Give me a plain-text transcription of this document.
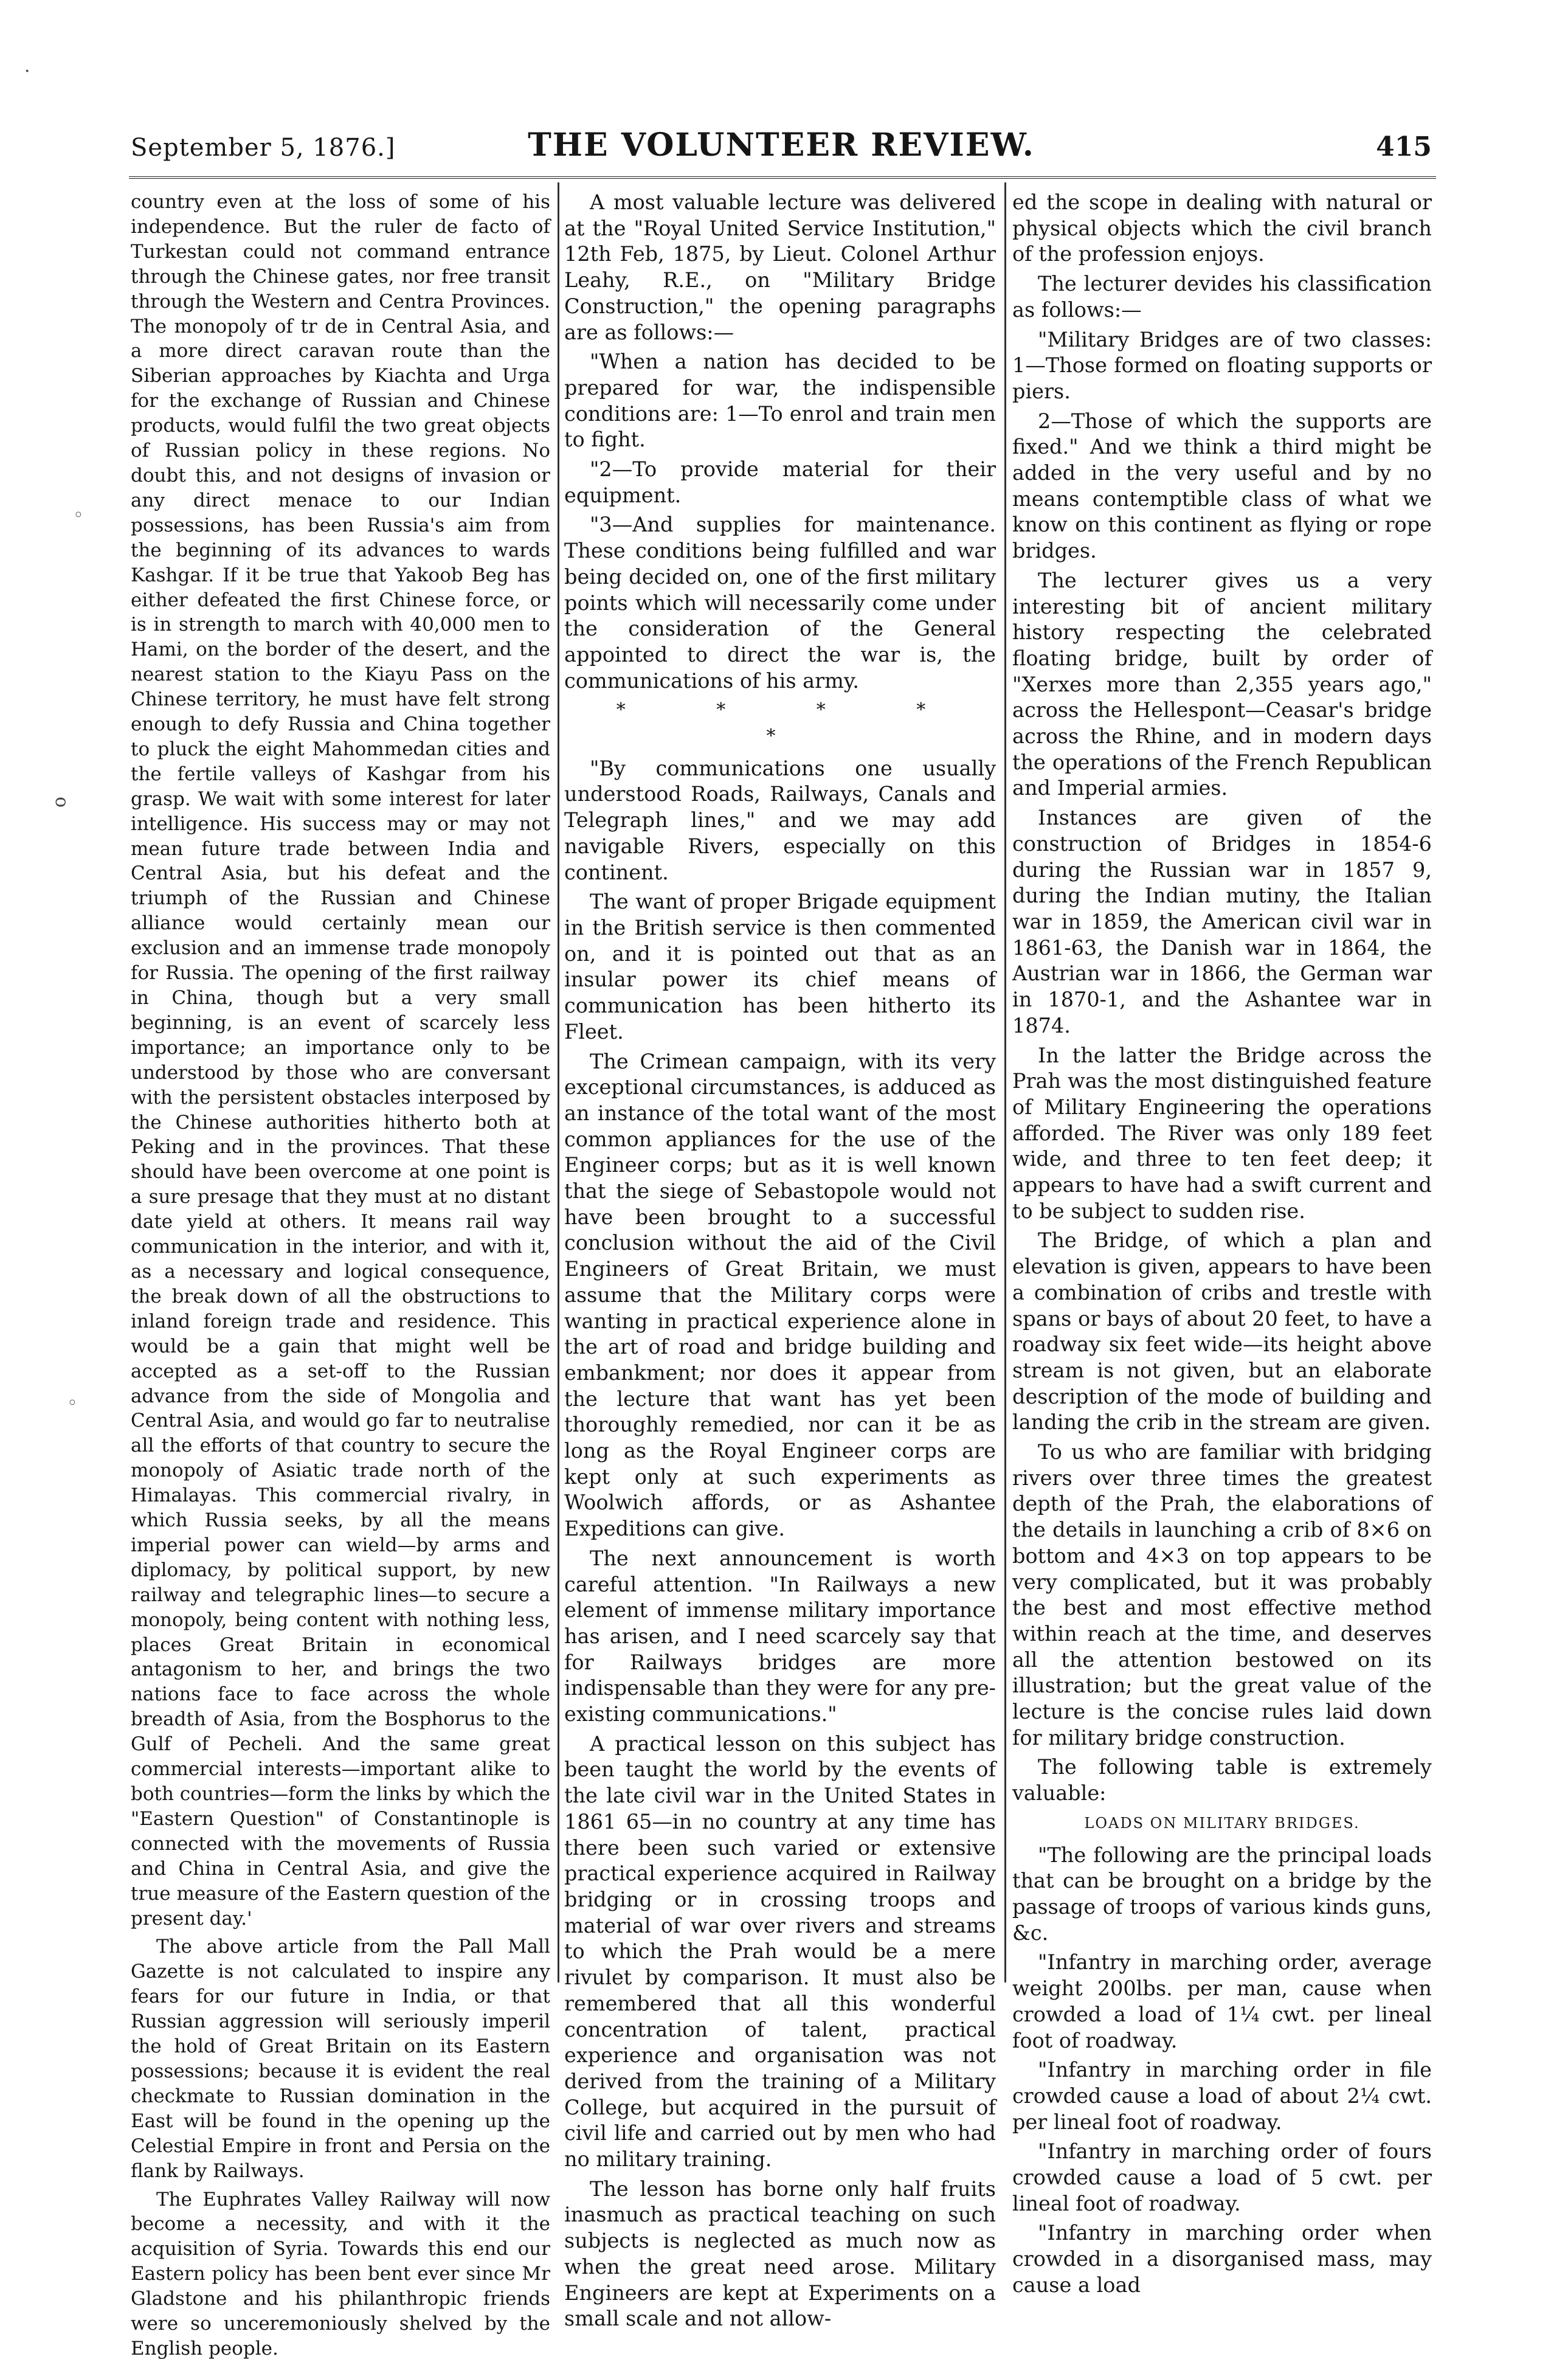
September 5, 1876.]	THE VOLUNTEER REVIEW.	415
·
◦
ᴑ
◦

country even at the loss of some of his independence. But the ruler de facto of Turkestan could not command entrance through the Chinese gates, nor free transit through the Western and Centra Provinces. The monopoly of tr de in Central Asia, and a more direct caravan route than the Siberian approaches by Kiachta and Urga for the exchange of Russian and Chinese products, would fulfil the two great objects of Russian policy in these regions. No doubt this, and not designs of invasion or any direct menace to our Indian possessions, has been Russia's aim from the beginning of its advances to wards Kashgar. If it be true that Yakoob Beg has either defeated the first Chinese force, or is in strength to march with 40,000 men to Hami, on the border of the desert, and the nearest station to the Kiayu Pass on the Chinese territory, he must have felt strong enough to defy Russia and China together to pluck the eight Mahommedan cities and the fertile valleys of Kashgar from his grasp. We wait with some interest for later intelligence. His success may or may not mean future trade between India and Central Asia, but his defeat and the triumph of the Russian and Chinese alliance would certainly mean our exclusion and an immense trade monopoly for Russia. The opening of the first railway in China, though but a very small beginning, is an event of scarcely less importance; an importance only to be understood by those who are conversant with the persistent obstacles interposed by the Chinese authorities hitherto both at Peking and in the provinces. That these should have been overcome at one point is a sure presage that they must at no distant date yield at others. It means rail way communication in the interior, and with it, as a necessary and logical consequence, the break down of all the obstructions to inland foreign trade and residence. This would be a gain that might well be accepted as a set-off to the Russian advance from the side of Mongolia and Central Asia, and would go far to neutralise all the efforts of that country to secure the monopoly of Asiatic trade north of the Himalayas. This commercial rivalry, in which Russia seeks, by all the means imperial power can wield—by arms and diplomacy, by political support, by new railway and telegraphic lines—to secure a monopoly, being content with nothing less, places Great Britain in economical antagonism to her, and brings the two nations face to face across the whole breadth of Asia, from the Bosphorus to the Gulf of Pecheli. And the same great commercial interests—important alike to both countries—form the links by which the "Eastern Question" of Constantinople is connected with the movements of Russia and China in Central Asia, and give the true measure of the Eastern question of the present day.'

The above article from the Pall Mall Gazette is not calculated to inspire any fears for our future in India, or that Russian aggression will seriously imperil the hold of Great Britain on its Eastern possessions; because it is evident the real checkmate to Russian domination in the East will be found in the opening up the Celestial Empire in front and Persia on the flank by Railways.

The Euphrates Valley Railway will now become a necessity, and with it the acquisition of Syria. Towards this end our Eastern policy has been bent ever since Mr Gladstone and his philanthropic friends were so unceremoniously shelved by the English people.

A most valuable lecture was delivered at the "Royal United Service Institution," 12th Feb, 1875, by Lieut. Colonel Arthur Leahy, R.E., on "Military Bridge Construction," the opening paragraphs are as follows:—

"When a nation has decided to be prepared for war, the indispensible conditions are: 1—To enrol and train men to fight.

"2—To provide material for their equipment.

"3—And supplies for maintenance. These conditions being fulfilled and war being decided on, one of the first military points which will necessarily come under the consideration of the General appointed to direct the war is, the communications of his army.

* * * * *

"By communications one usually understood Roads, Railways, Canals and Telegraph lines," and we may add navigable Rivers, especially on this continent.

The want of proper Brigade equipment in the British service is then commented on, and it is pointed out that as an insular power its chief means of communication has been hitherto its Fleet.

The Crimean campaign, with its very exceptional circumstances, is adduced as an instance of the total want of the most common appliances for the use of the Engineer corps; but as it is well known that the siege of Sebastopole would not have been brought to a successful conclusion without the aid of the Civil Engineers of Great Britain, we must assume that the Military corps were wanting in practical experience alone in the art of road and bridge building and embankment; nor does it appear from the lecture that want has yet been thoroughly remedied, nor can it be as long as the Royal Engineer corps are kept only at such experiments as Woolwich affords, or as Ashantee Expeditions can give.

The next announcement is worth careful attention. "In Railways a new element of immense military importance has arisen, and I need scarcely say that for Railways bridges are more indispensable than they were for any pre-existing communications."

A practical lesson on this subject has been taught the world by the events of the late civil war in the United States in 1861 65—in no country at any time has there been such varied or extensive practical experience acquired in Railway bridging or in crossing troops and material of war over rivers and streams to which the Prah would be a mere rivulet by comparison. It must also be remembered that all this wonderful concentration of talent, practical experience and organisation was not derived from the training of a Military College, but acquired in the pursuit of civil life and carried out by men who had no military training.

The lesson has borne only half fruits inasmuch as practical teaching on such subjects is neglected as much now as when the great need arose. Military Engineers are kept at Experiments on a small scale and not allow-

ed the scope in dealing with natural or physical objects which the civil branch of the profession enjoys.

The lecturer devides his classification as follows:—

"Military Bridges are of two classes: 1—Those formed on floating supports or piers.

2—Those of which the supports are fixed." And we think a third might be added in the very useful and by no means contemptible class of what we know on this continent as flying or rope bridges.

The lecturer gives us a very interesting bit of ancient military history respecting the celebrated floating bridge, built by order of "Xerxes more than 2,355 years ago," across the Hellespont—Ceasar's bridge across the Rhine, and in modern days the operations of the French Republican and Imperial armies.

Instances are given of the construction of Bridges in 1854-6 during the Russian war in 1857 9, during the Indian mutiny, the Italian war in 1859, the American civil war in 1861-63, the Danish war in 1864, the Austrian war in 1866, the German war in 1870-1, and the Ashantee war in 1874.

In the latter the Bridge across the Prah was the most distinguished feature of Military Engineering the operations afforded. The River was only 189 feet wide, and three to ten feet deep; it appears to have had a swift current and to be subject to sudden rise.

The Bridge, of which a plan and elevation is given, appears to have been a combination of cribs and trestle with spans or bays of about 20 feet, to have a roadway six feet wide—its height above stream is not given, but an elaborate description of the mode of building and landing the crib in the stream are given.

To us who are familiar with bridging rivers over three times the greatest depth of the Prah, the elaborations of the details in launching a crib of 8×6 on bottom and 4×3 on top appears to be very complicated, but it was probably the best and most effective method within reach at the time, and deserves all the attention bestowed on its illustration; but the great value of the lecture is the concise rules laid down for military bridge construction.

The following table is extremely valuable:

LOADS ON MILITARY BRIDGES.

"The following are the principal loads that can be brought on a bridge by the passage of troops of various kinds guns, &c.

"Infantry in marching order, average weight 200lbs. per man, cause when crowded a load of 1¼ cwt. per lineal foot of roadway.

"Infantry in marching order in file crowded cause a load of about 2¼ cwt. per lineal foot of roadway.

"Infantry in marching order of fours crowded cause a load of 5 cwt. per lineal foot of roadway.

"Infantry in marching order when crowded in a disorganised mass, may cause a load
